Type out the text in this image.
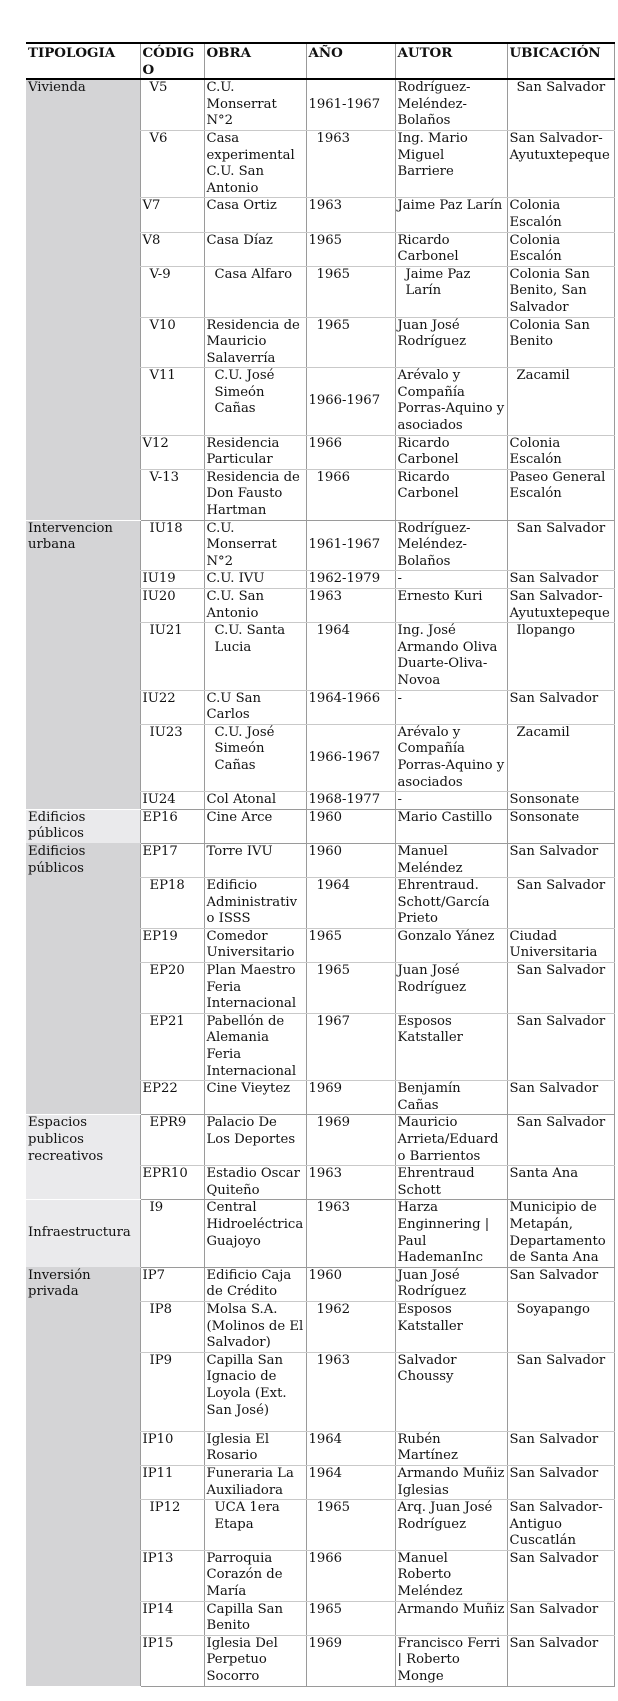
TIPOLOGIA	CÓDIGO	OBRA	AÑO	AUTOR	UBICACIÓN
Vivienda	V5	C.U. Monserrat N°2	1961-1967	Rodríguez-Meléndez-Bolaños	San Salvador
	V6	Casa experimental C.U. San Antonio	1963	Ing. Mario Miguel Barriere	San Salvador-Ayutuxtepeque
	V7	Casa Ortiz	1963	Jaime Paz Larín	Colonia Escalón
	V8	Casa Díaz	1965	Ricardo Carbonel	Colonia Escalón
	V-9	Casa Alfaro	1965	Jaime Paz Larín	Colonia San Benito, San Salvador
	V10	Residencia de Mauricio Salaverría	1965	Juan José Rodríguez	Colonia San Benito
	V11	C.U. José Simeón Cañas	1966-1967	Arévalo y Compañía Porras-Aquino y asociados	Zacamil
	V12	Residencia Particular	1966	Ricardo Carbonel	Colonia Escalón
	V-13	Residencia de Don Fausto Hartman	1966	Ricardo Carbonel	Paseo General Escalón
Intervencion urbana	IU18	C.U. Monserrat N°2	1961-1967	Rodríguez-Meléndez-Bolaños	San Salvador
	IU19	C.U. IVU	1962-1979	-	San Salvador
	IU20	C.U. San Antonio	1963	Ernesto Kuri	San Salvador-Ayutuxtepeque
	IU21	C.U. Santa Lucia	1964	Ing. José Armando Oliva Duarte-Oliva-Novoa	Ilopango
	IU22	C.U San Carlos	1964-1966	-	San Salvador
	IU23	C.U. José Simeón Cañas	1966-1967	Arévalo y Compañía Porras-Aquino y asociados	Zacamil
	IU24	Col Atonal	1968-1977	-	Sonsonate
Edificios públicos	EP16	Cine Arce	1960	Mario Castillo	Sonsonate
Edificios públicos	EP17	Torre IVU	1960	Manuel Meléndez	San Salvador
	EP18	Edificio Administrativo ISSS	1964	Ehrentraud. Schott/García Prieto	San Salvador
	EP19	Comedor Universitario	1965	Gonzalo Yánez	Ciudad Universitaria
	EP20	Plan Maestro Feria Internacional	1965	Juan José Rodríguez	San Salvador
	EP21	Pabellón de Alemania Feria Internacional	1967	Esposos Katstaller	San Salvador
	EP22	Cine Vieytez	1969	Benjamín Cañas	San Salvador
Espacios publicos recreativos	EPR9	Palacio De Los Deportes	1969	Mauricio Arrieta/Eduardo Barrientos	San Salvador
	EPR10	Estadio Oscar Quiteño	1963	Ehrentraud Schott	Santa Ana
Infraestructura	I9	Central Hidroeléctrica Guajoyo	1963	Harza Enginnering | Paul HademanInc	Municipio de Metapán, Departamento de Santa Ana
Inversión privada	IP7	Edificio Caja de Crédito	1960	Juan José Rodríguez	San Salvador
	IP8	Molsa S.A. (Molinos de El Salvador)	1962	Esposos Katstaller	Soyapango
	IP9	Capilla San Ignacio de Loyola (Ext. San José)	1963	Salvador Choussy	San Salvador
	IP10	Iglesia El Rosario	1964	Rubén Martínez	San Salvador
	IP11	Funeraria La Auxiliadora	1964	Armando Muñiz Iglesias	San Salvador
	IP12	UCA 1era Etapa	1965	Arq. Juan José Rodríguez	San Salvador-Antiguo Cuscatlán
	IP13	Parroquia Corazón de María	1966	Manuel Roberto Meléndez	San Salvador
	IP14	Capilla San Benito	1965	Armando Muñiz	San Salvador
	IP15	Iglesia Del Perpetuo Socorro	1969	Francisco Ferri | Roberto Monge	San Salvador
